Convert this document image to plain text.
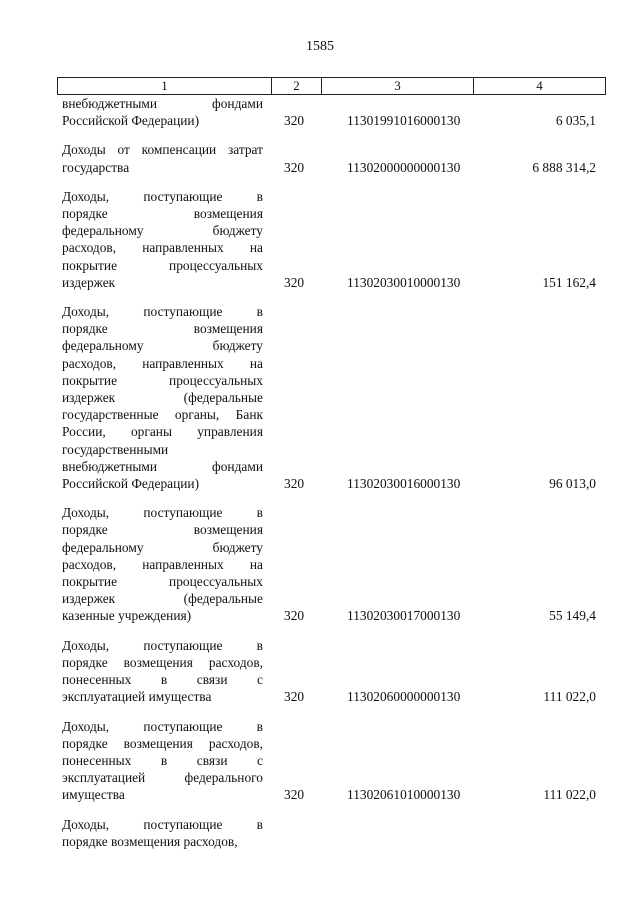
1585
1	2	3	4
внебюджетными фондами
Российской Федерации)	320	11301991016000130	6 035,1
Доходы от компенсации затрат
государства	320	11302000000000130	6 888 314,2
Доходы, поступающие в
порядке возмещения
федеральному бюджету
расходов, направленных на
покрытие процессуальных
издержек	320	11302030010000130	151 162,4
Доходы, поступающие в
порядке возмещения
федеральному бюджету
расходов, направленных на
покрытие процессуальных
издержек (федеральные
государственные органы, Банк
России, органы управления
государственными
внебюджетными фондами
Российской Федерации)	320	11302030016000130	96 013,0
Доходы, поступающие в
порядке возмещения
федеральному бюджету
расходов, направленных на
покрытие процессуальных
издержек (федеральные
казенные учреждения)	320	11302030017000130	55 149,4
Доходы, поступающие в
порядке возмещения расходов,
понесенных в связи с
эксплуатацией имущества	320	11302060000000130	111 022,0
Доходы, поступающие в
порядке возмещения расходов,
понесенных в связи с
эксплуатацией федерального
имущества	320	11302061010000130	111 022,0
Доходы, поступающие в
порядке возмещения расходов,
